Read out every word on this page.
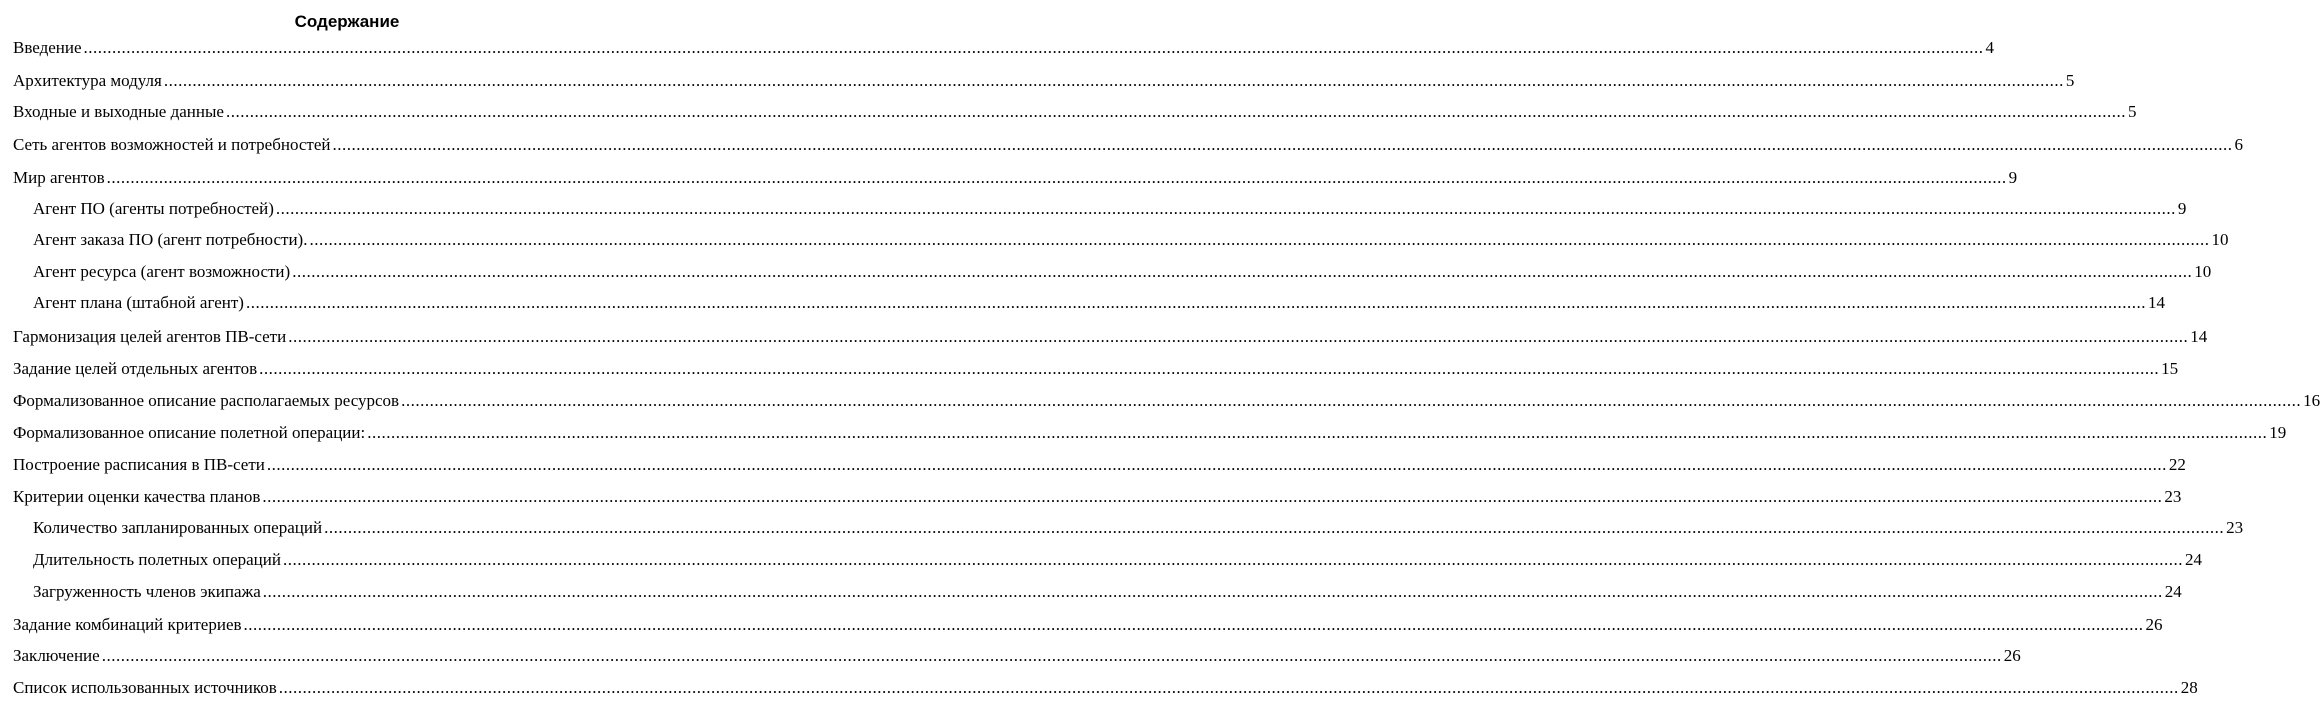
Содержание
Введение ................................................................................................................................................................................................................................................................................................................................................................................................................ 4
Архитектура модуля ................................................................................................................................................................................................................................................................................................................................................................................................................ 5
Входные и выходные данные ................................................................................................................................................................................................................................................................................................................................................................................................................ 5
Сеть агентов возможностей и потребностей ................................................................................................................................................................................................................................................................................................................................................................................................................ 6
Мир агентов ................................................................................................................................................................................................................................................................................................................................................................................................................ 9
Агент ПО (агенты потребностей) ................................................................................................................................................................................................................................................................................................................................................................................................................ 9
Агент заказа ПО (агент потребности). ................................................................................................................................................................................................................................................................................................................................................................................................................ 10
Агент ресурса (агент возможности) ................................................................................................................................................................................................................................................................................................................................................................................................................ 10
Агент плана (штабной агент) ................................................................................................................................................................................................................................................................................................................................................................................................................ 14
Гармонизация целей агентов ПВ-сети ................................................................................................................................................................................................................................................................................................................................................................................................................ 14
Задание целей отдельных агентов ................................................................................................................................................................................................................................................................................................................................................................................................................ 15
Формализованное описание располагаемых ресурсов ................................................................................................................................................................................................................................................................................................................................................................................................................ 16
Формализованное описание полетной операции: ................................................................................................................................................................................................................................................................................................................................................................................................................ 19
Построение расписания в ПВ-сети ................................................................................................................................................................................................................................................................................................................................................................................................................ 22
Критерии оценки качества планов ................................................................................................................................................................................................................................................................................................................................................................................................................ 23
Количество запланированных операций ................................................................................................................................................................................................................................................................................................................................................................................................................ 23
Длительность полетных операций ................................................................................................................................................................................................................................................................................................................................................................................................................ 24
Загруженность членов экипажа ................................................................................................................................................................................................................................................................................................................................................................................................................ 24
Задание комбинаций критериев ................................................................................................................................................................................................................................................................................................................................................................................................................ 26
Заключение ................................................................................................................................................................................................................................................................................................................................................................................................................ 26
Список использованных источников ................................................................................................................................................................................................................................................................................................................................................................................................................ 28
